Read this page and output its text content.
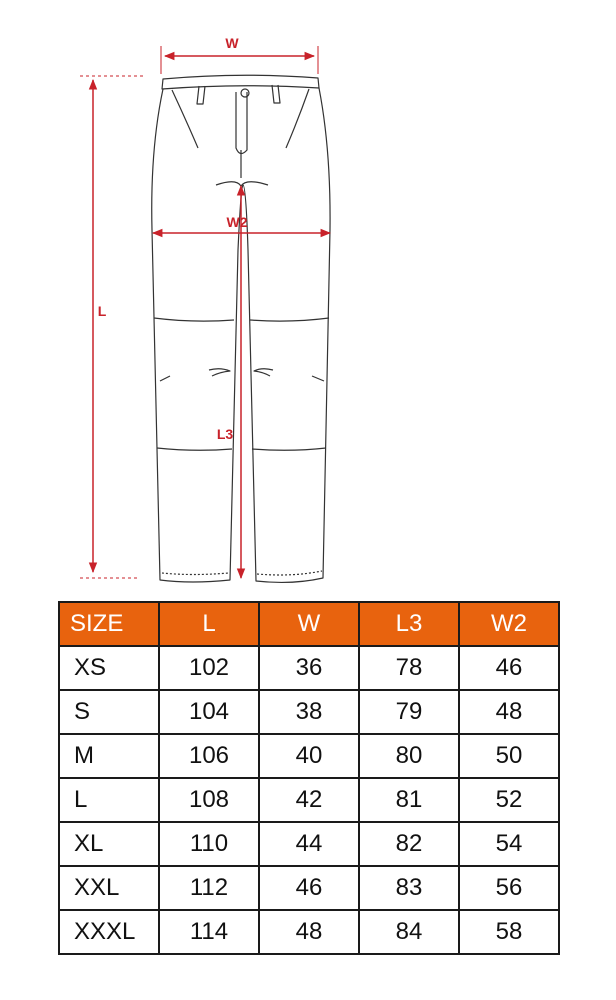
W
L
W2
L3
SIZE	L	W	L3	W2
XS	102	36	78	46
S	104	38	79	48
M	106	40	80	50
L	108	42	81	52
XL	110	44	82	54
XXL	112	46	83	56
XXXL	114	48	84	58
